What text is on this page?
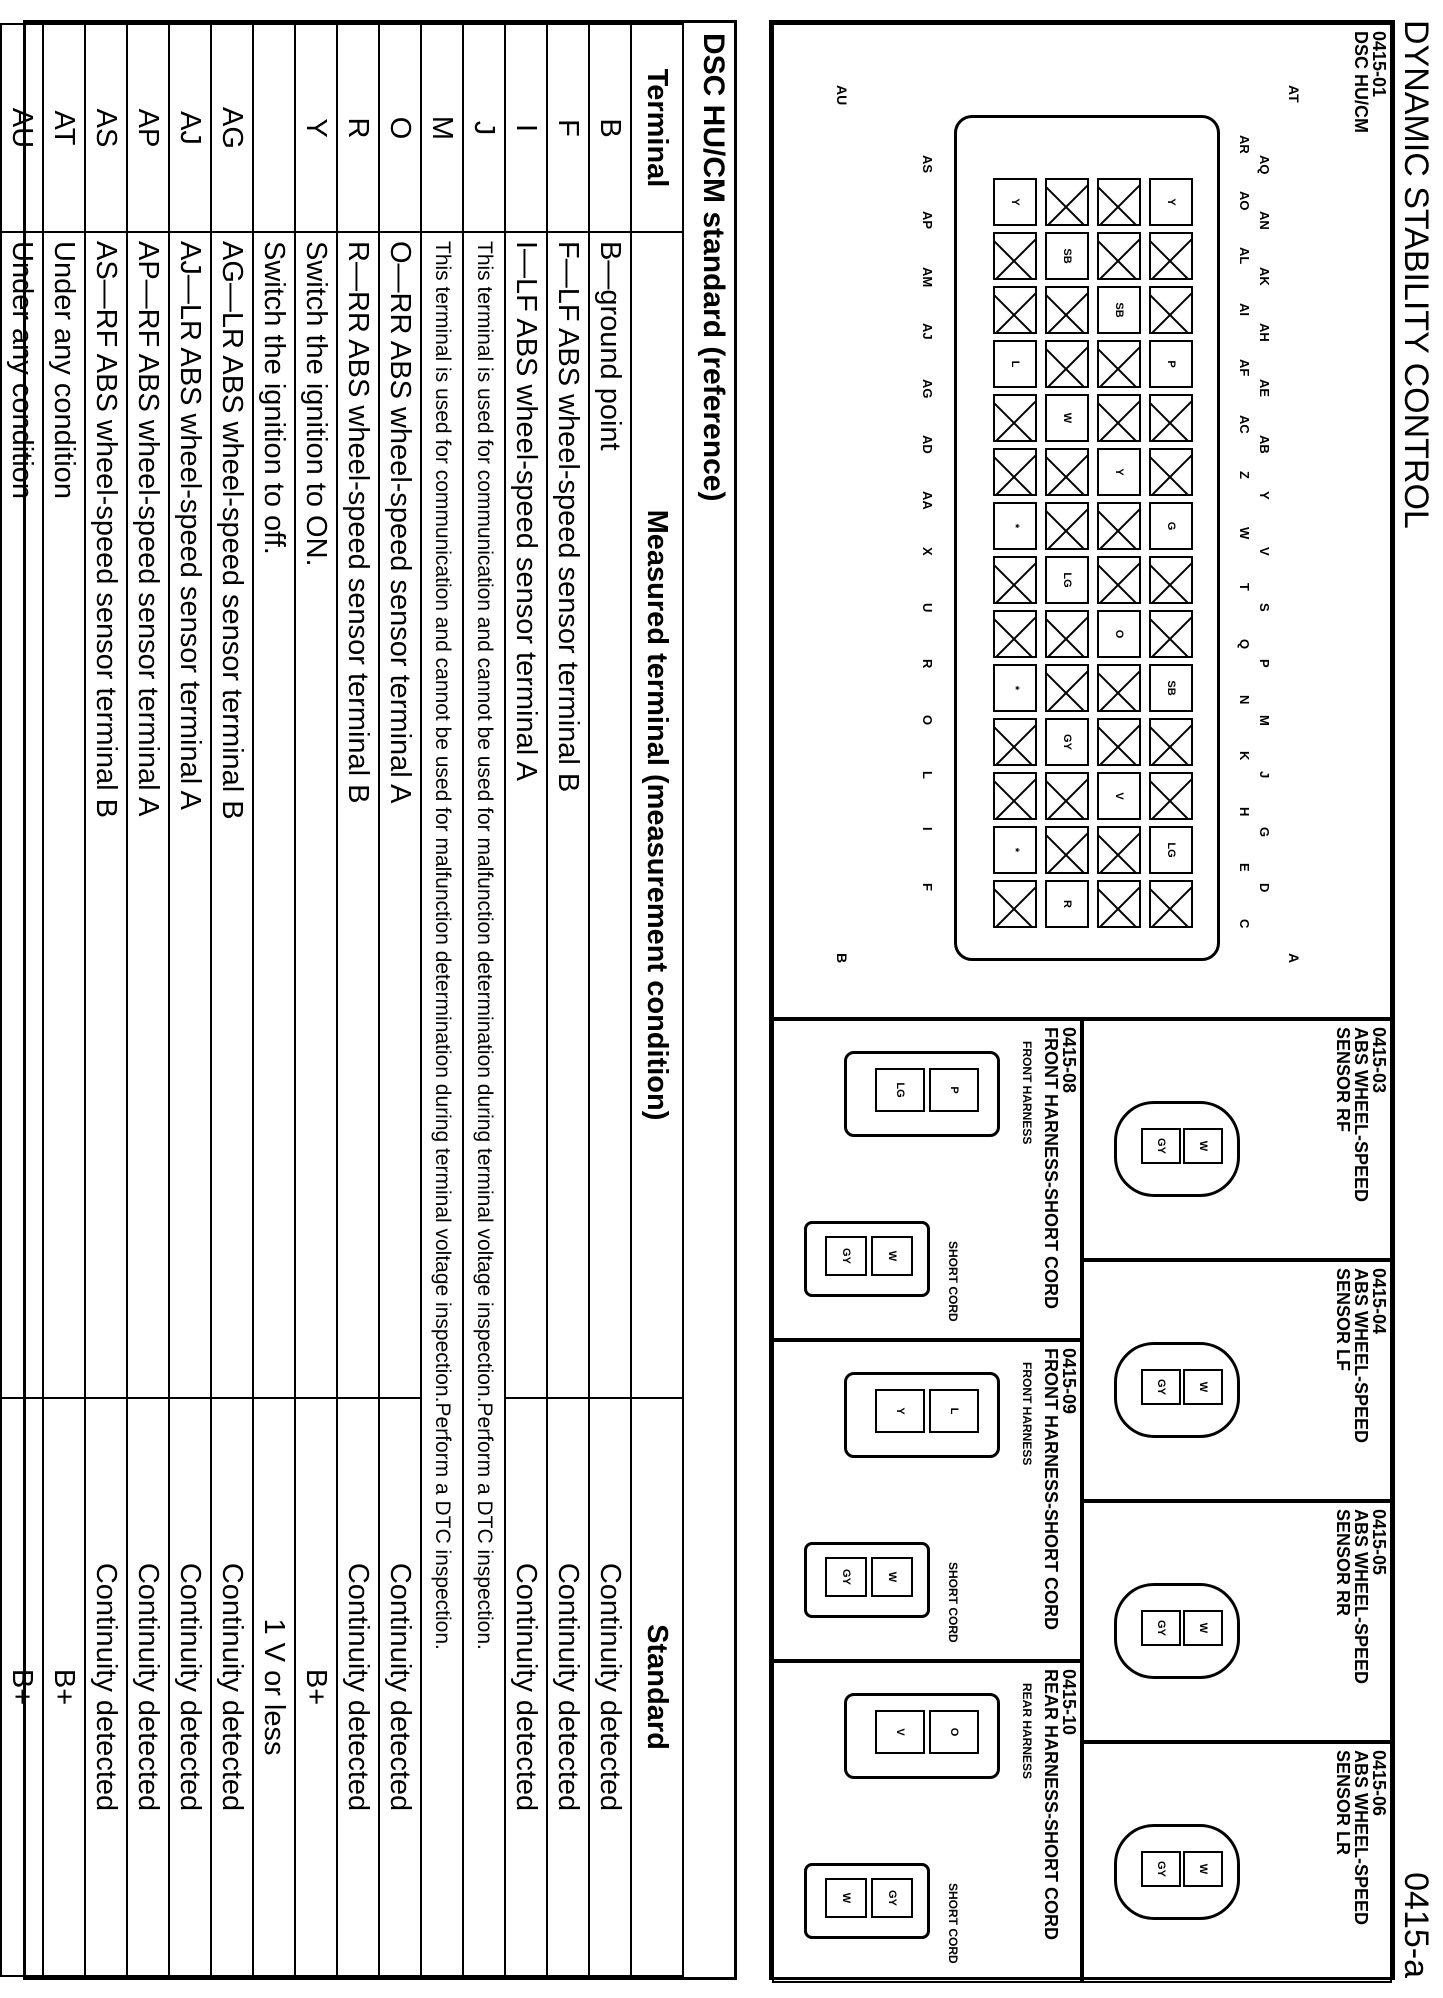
DYNAMIC STABILITY CONTROL
0415-a
0415-01
DSC HU/CM
AT
AU
A
B
AQ
AN
AK
AH
AE
AB
Y
V
S
P
M
J
G
D
AR
AO
AL
AI
AF
AC
Z
W
T
Q
N
K
H
E
C
AS
AP
AM
AJ
AG
AD
AA
X
U
R
O
L
I
F
Y
P
G
SB
LG
SB
Y
O
V
SB
W
LG
GY
R
Y
L
*
*
*
0415-03
ABS WHEEL-SPEED
SENSOR RF
W
GY
0415-04
ABS WHEEL-SPEED
SENSOR LF
W
GY
0415-05
ABS WHEEL-SPEED
SENSOR RR
W
GY
0415-06
ABS WHEEL-SPEED
SENSOR LR
W
GY
0415-08
FRONT HARNESS-SHORT CORD
FRONT HARNESS
SHORT CORD
P
LG
W
GY
0415-09
FRONT HARNESS-SHORT CORD
FRONT HARNESS
SHORT CORD
L
Y
W
GY
0415-10
REAR HARNESS-SHORT CORD
REAR HARNESS
SHORT CORD
O
V
GY
W
DSC HU/CM standard (reference)
Terminal	Measured terminal (measurement condition)	Standard
B	B—ground point	Continuity detected
F	F—LF ABS wheel-speed sensor terminal B	Continuity detected
I	I—LF ABS wheel-speed sensor terminal A	Continuity detected
J	This terminal is used for communication and cannot be used for malfunction determination during terminal voltage inspection.Perform a DTC inspection.	
M	This terminal is used for communication and cannot be used for malfunction determination during terminal voltage inspection.Perform a DTC inspection.	
O	O—RR ABS wheel-speed sensor terminal A	Continuity detected
R	R—RR ABS wheel-speed sensor terminal B	Continuity detected
Y	Switch the ignition to ON.	B+
	Switch the ignition to off.	1 V or less
AG	AG—LR ABS wheel-speed sensor terminal B	Continuity detected
AJ	AJ—LR ABS wheel-speed sensor terminal A	Continuity detected
AP	AP—RF ABS wheel-speed sensor terminal A	Continuity detected
AS	AS—RF ABS wheel-speed sensor terminal B	Continuity detected
AT	Under any condition	B+
AU	Under any condition	B+
